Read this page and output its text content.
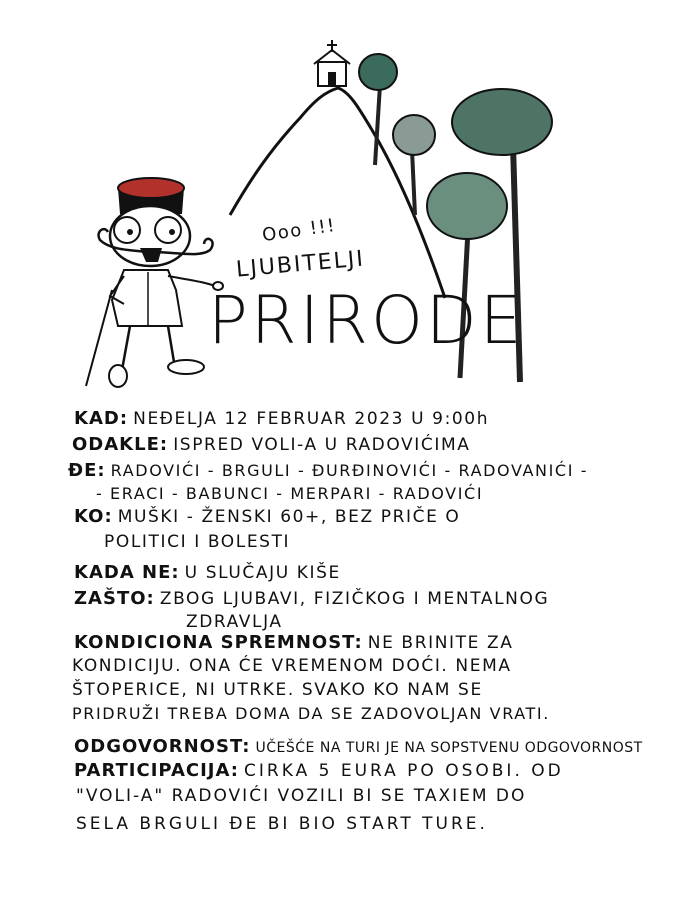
Ooo !!!
LJUBITELJI
PRIRODE
KAD: NEĐELJA 12 FEBRUAR 2023 U 9:00h
ODAKLE: ISPRED VOLI-A U RADOVIĆIMA
ĐE: RADOVIĆI - BRGULI - ĐURĐINOVIĆI - RADOVANIĆI -
- ERACI - BABUNCI - MERPARI - RADOVIĆI
KO: MUŠKI - ŽENSKI 60+, BEZ PRIČE O
POLITICI I BOLESTI
KADA NE: U SLUČAJU KIŠE
ZAŠTO: ZBOG LJUBAVI, FIZIČKOG I MENTALNOG
ZDRAVLJA
KONDICIONA SPREMNOST: NE BRINITE ZA
KONDICIJU. ONA ĆE VREMENOM DOĆI. NEMA
ŠTOPERICE, NI UTRKE. SVAKO KO NAM SE
PRIDRUŽI TREBA DOMA DA SE ZADOVOLJAN VRATI.
ODGOVORNOST: UČEŠĆE NA TURI JE NA SOPSTVENU ODGOVORNOST
PARTICIPACIJA: CIRKA 5 EURA PO OSOBI. OD
"VOLI-A" RADOVIĆI VOZILI BI SE TAXIEM DO
SELA BRGULI ĐE BI BIO START TURE.
